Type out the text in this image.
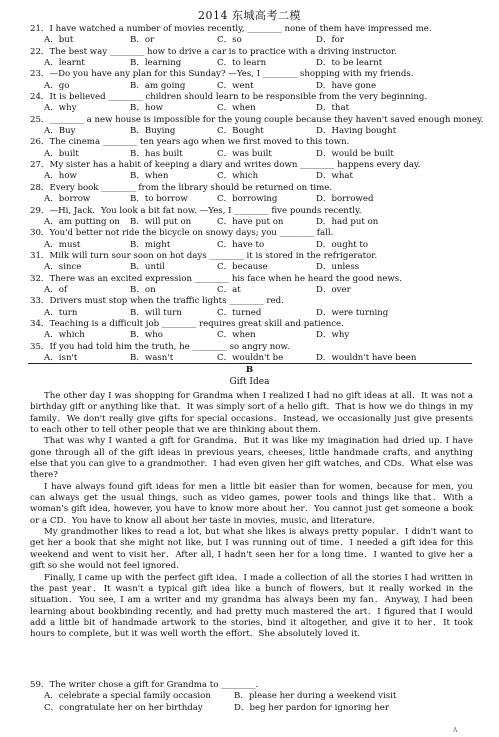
2014 东城高考二模
21．I have watched a number of movies recently, ________ none of them have impressed me.
A．but	B．or	C．so	D．for
22．The best way ________ how to drive a car is to practice with a driving instructor.
A．learnt	B．learning	C．to learn	D．to be learnt
23．—Do you have any plan for this Sunday? —Yes, I ________ shopping with my friends.
A．go	B．am going	C．went	D．have gone
24．It is believed ________ children should learn to be responsible from the very beginning.
A．why	B．how	C．when	D．that
25．________ a new house is impossible for the young couple because they haven't saved enough money.
A．Buy	B．Buying	C．Bought	D．Having bought
26．The cinema ________ ten years ago when we first moved to this town.
A．built	B．has built	C．was built	D．would be built
27．My sister has a habit of keeping a diary and writes down ________ happens every day.
A．how	B．when	C．which	D．what
28．Every book ________ from the library should be returned on time.
A．borrow	B．to borrow	C．borrowing	D．borrowed
29．—Hi, Jack．You look a bit fat now. —Yes, I ________ five pounds recently.
A．am putting on B．will put on	C．have put on	D．had put on
30．You'd better not ride the bicycle on snowy days; you ________ fall.
A．must	B．might	C．have to	D．ought to
31．Milk will turn sour soon on hot days ________ it is stored in the refrigerator.
A．since	B．until	C．because	D．unless
32．There was an excited expression ________ his face when he heard the good news.
A．of	B．on	C．at	D．over
33．Drivers must stop when the traffic lights ________ red.
A．turn	B．will turn	C．turned	D．were turning
34．Teaching is a difficult job ________ requires great skill and patience.
A．which	B．who	C．when	D．why
35．If you had told him the truth, he ________ so angry now.
A．isn't	B．wasn't	C．wouldn't be	D．wouldn't have been
B
Gift Idea

The other day I was shopping for Grandma when I realized I had no gift ideas at all．It was not a birthday gift or anything like that．It was simply sort of a hello gift．That is how we do things in my family．We don't really give gifts for special occasions．Instead, we occasionally just give presents to each other to tell other people that we are thinking about them.

That was why I wanted a gift for Grandma．But it was like my imagination had dried up. I have gone through all of the gift ideas in previous years, cheeses, little handmade crafts, and anything else that you can give to a grandmother．I had even given her gift watches, and CDs．What else was there?

I have always found gift ideas for men a little bit easier than for women, because for men, you can always get the usual things, such as video games, power tools and things like that．With a woman's gift idea, however, you have to know more about her．You cannot just get someone a book or a CD．You have to know all about her taste in movies, music, and literature.

My grandmother likes to read a lot, but what she likes is always pretty popular．I didn't want to get her a book that she might not like, but I was running out of time．I needed a gift idea for this weekend and went to visit her．After all, I hadn't seen her for a long time．I wanted to give her a gift so she would not feel ignored.

Finally, I came up with the perfect gift idea．I made a collection of all the stories I had written in the past year．It wasn't a typical gift idea like a bunch of flowers, but it really worked in the situation．You see, I am a writer and my grandma has always been my fan．Anyway, I had been learning about bookbinding recently, and had pretty much mastered the art．I figured that I would add a little bit of handmade artwork to the stories, bind it altogether, and give it to her．It took hours to complete, but it was well worth the effort．She absolutely loved it.

59．The writer chose a gift for Grandma to ________.
A．celebrate a special family occasion	B．please her during a weekend visit
C．congratulate her on her birthday	D．beg her pardon for ignoring her
A
